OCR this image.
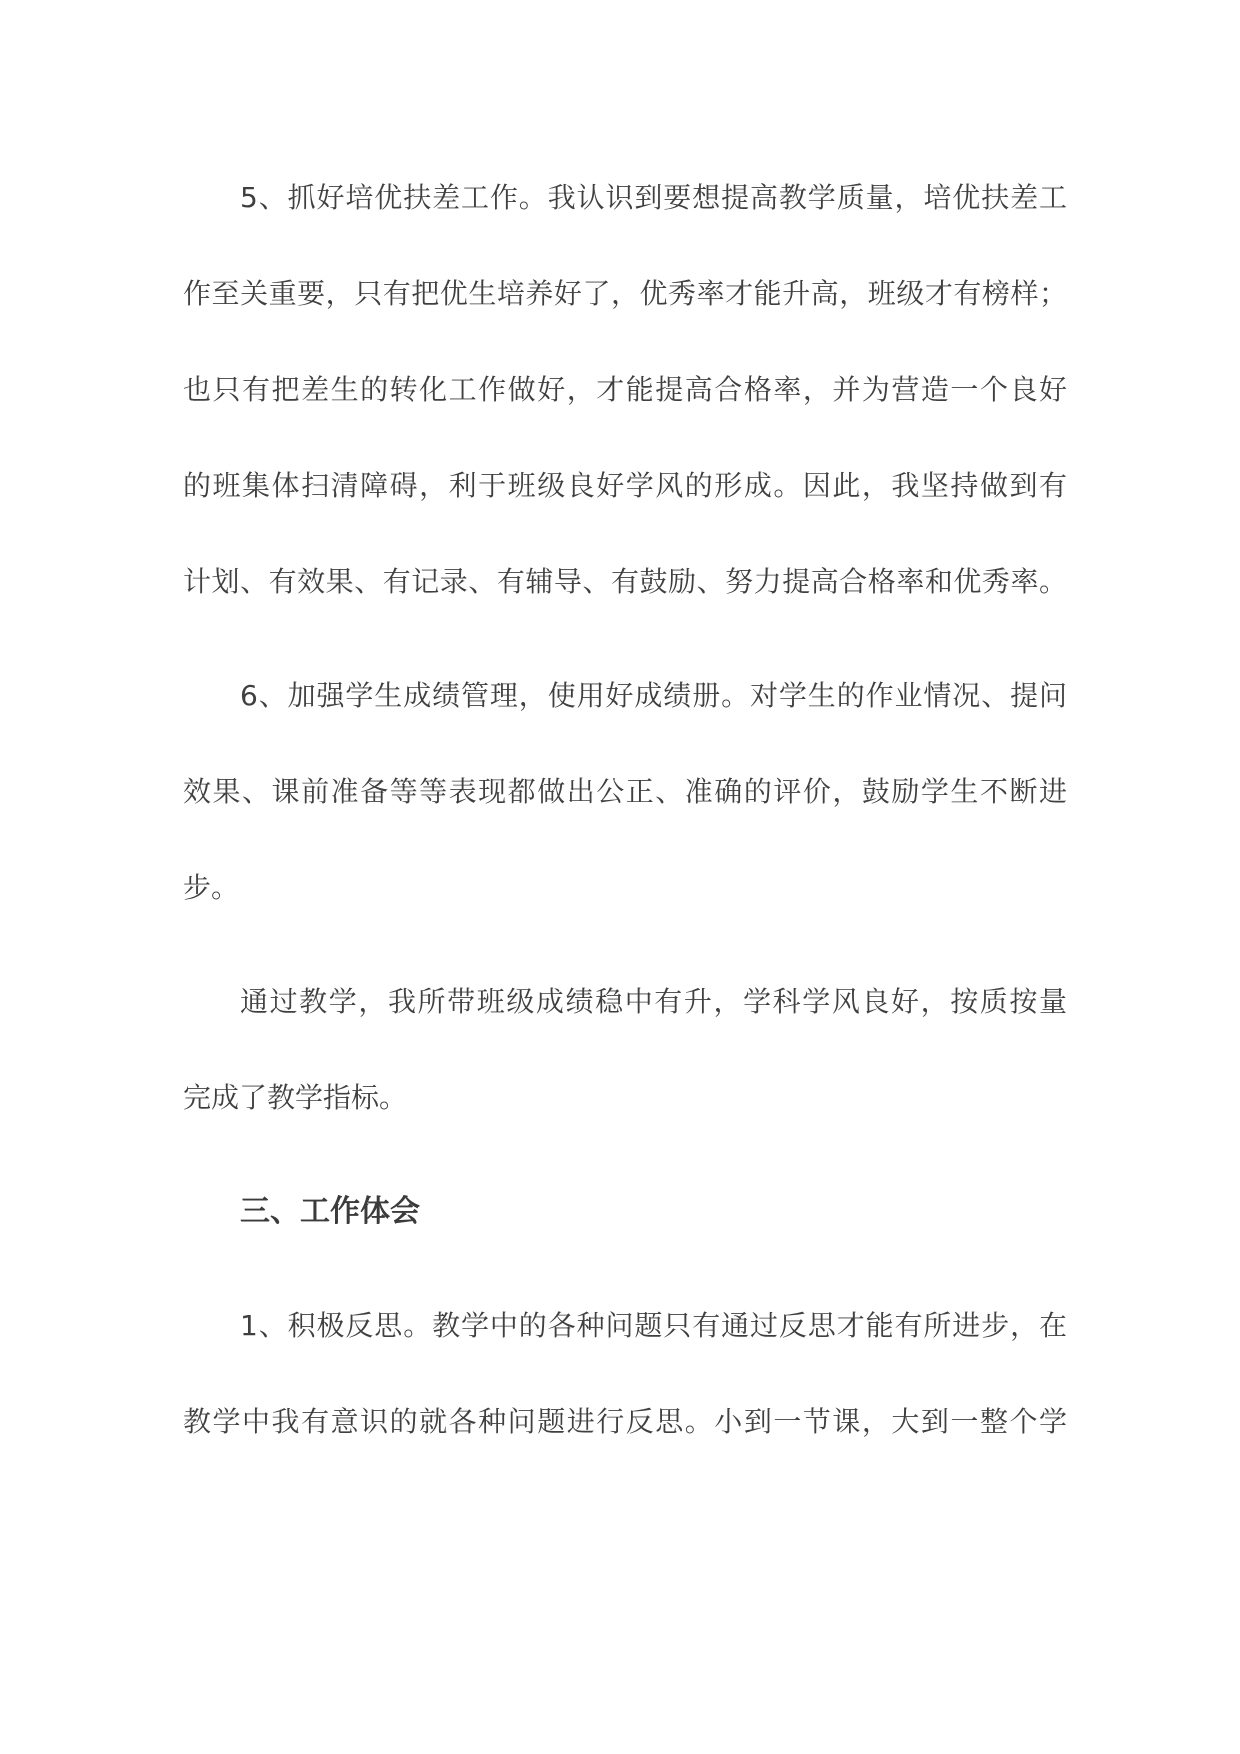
5、抓好培优扶差工作。我认识到要想提高教学质量，培优扶差工
作至关重要，只有把优生培养好了，优秀率才能升高，班级才有榜样；
也只有把差生的转化工作做好，才能提高合格率，并为营造一个良好
的班集体扫清障碍，利于班级良好学风的形成。因此，我坚持做到有
计划、有效果、有记录、有辅导、有鼓励、努力提高合格率和优秀率。
6、加强学生成绩管理，使用好成绩册。对学生的作业情况、提问
效果、课前准备等等表现都做出公正、准确的评价，鼓励学生不断进
步。
通过教学，我所带班级成绩稳中有升，学科学风良好，按质按量
完成了教学指标。
三、工作体会
1、积极反思。教学中的各种问题只有通过反思才能有所进步，在
教学中我有意识的就各种问题进行反思。小到一节课，大到一整个学
